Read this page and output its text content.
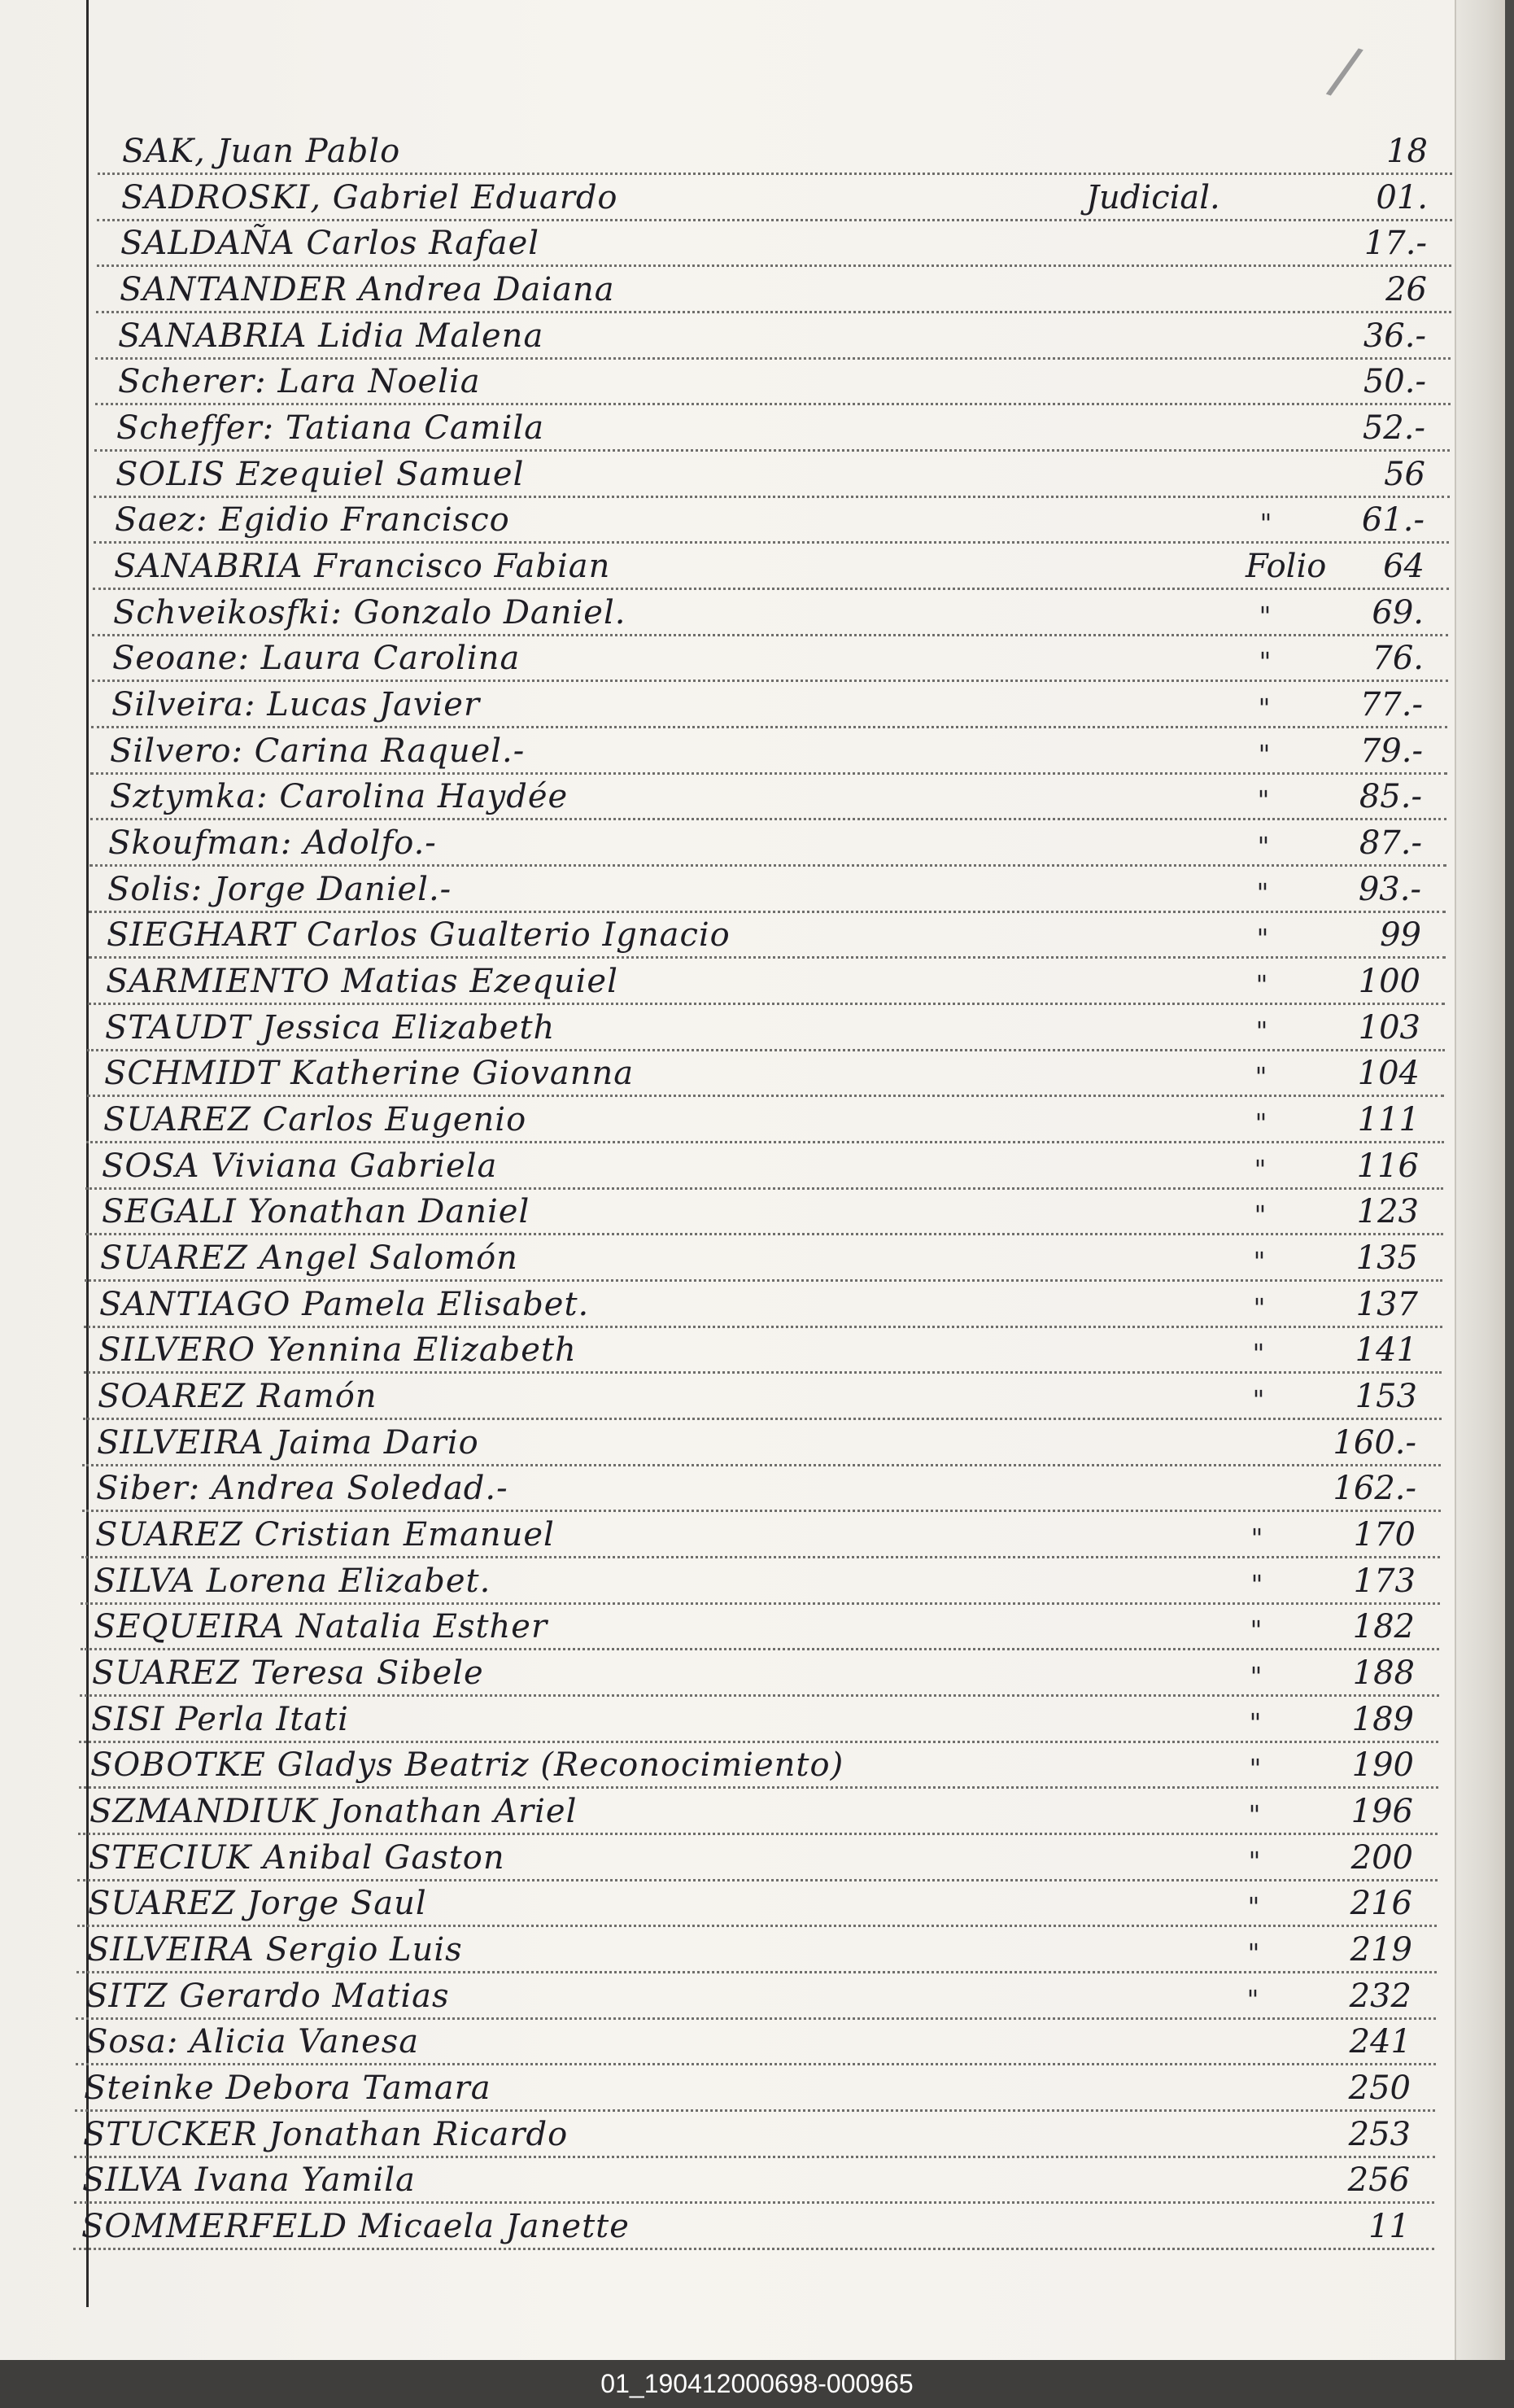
/
SAK, Juan Pablo	18
SADROSKI, Gabriel Eduardo	Judicial.	01.
SALDAÑA Carlos Rafael	17.-
SANTANDER Andrea Daiana	26
SANABRIA Lidia Malena	36.-
Scherer: Lara Noelia	50.-
Scheffer: Tatiana Camila	52.-
SOLIS Ezequiel Samuel	56
Saez: Egidio Francisco	"	61.-
SANABRIA Francisco Fabian	Folio	64
Schveikosfki: Gonzalo Daniel.	"	69.
Seoane: Laura Carolina	"	76.
Silveira: Lucas Javier	"	77.-
Silvero: Carina Raquel.-	"	79.-
Sztymka: Carolina Haydée	"	85.-
Skoufman: Adolfo.-	"	87.-
Solis: Jorge Daniel.-	"	93.-
SIEGHART Carlos Gualterio Ignacio	"	99
SARMIENTO Matias Ezequiel	"	100
STAUDT Jessica Elizabeth	"	103
SCHMIDT Katherine Giovanna	"	104
SUAREZ Carlos Eugenio	"	111
SOSA Viviana Gabriela	"	116
SEGALI Yonathan Daniel	"	123
SUAREZ Angel Salomón	"	135
SANTIAGO Pamela Elisabet.	"	137
SILVERO Yennina Elizabeth	"	141
SOAREZ Ramón	"	153
SILVEIRA Jaima Dario	160.-
Siber: Andrea Soledad.-	162.-
SUAREZ Cristian Emanuel	"	170
SILVA Lorena Elizabet.	"	173
SEQUEIRA Natalia Esther	"	182
SUAREZ Teresa Sibele	"	188
SISI Perla Itati	"	189
SOBOTKE Gladys Beatriz (Reconocimiento)	"	190
SZMANDIUK Jonathan Ariel	"	196
STECIUK Anibal Gaston	"	200
SUAREZ Jorge Saul	"	216
SILVEIRA Sergio Luis	"	219
SITZ Gerardo Matias	"	232
Sosa: Alicia Vanesa	241
Steinke Debora Tamara	250
STUCKER Jonathan Ricardo	253
SILVA Ivana Yamila	256
SOMMERFELD Micaela Janette	11
01_190412000698-000965
